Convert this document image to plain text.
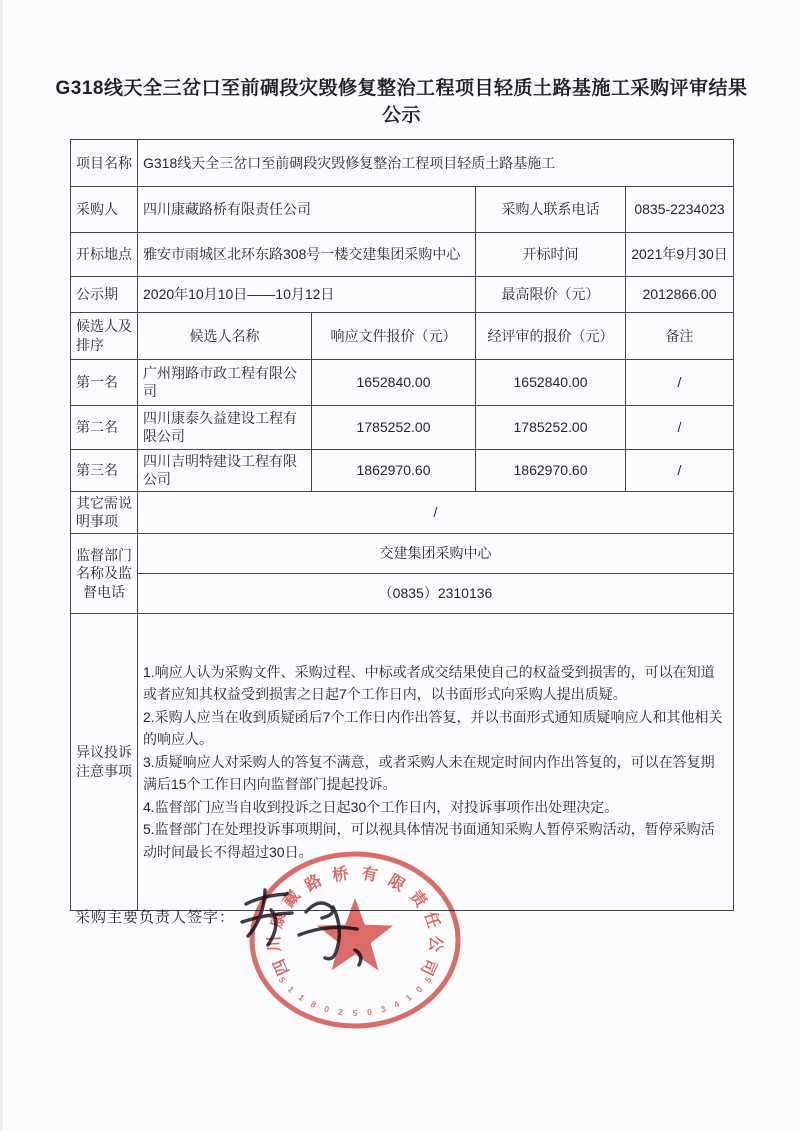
G318线天全三岔口至前碉段灾毁修复整治工程项目轻质土路基施工采购评审结果公示
项目名称	G318线天全三岔口至前碉段灾毁修复整治工程项目轻质土路基施工			
采购人	四川康藏路桥有限责任公司		采购人联系电话	0835-2234023
开标地点	雅安市雨城区北环东路308号一楼交建集团采购中心		开标时间	2021年9月30日
公示期	2020年10月10日——10月12日		最高限价（元）	2012866.00
候选人及排序	候选人名称	响应文件报价（元）	经评审的报价（元）	备注
第一名	广州翔路市政工程有限公司	1652840.00	1652840.00	/
第二名	四川康泰久益建设工程有限公司	1785252.00	1785252.00	/
第三名	四川吉明特建设工程有限公司	1862970.60	1862970.60	/
其它需说明事项	/			
监督部门名称及监督电话	交建集团采购中心			
	（0835）2310136			
异议投诉注意事项	1.响应人认为采购文件、采购过程、中标或者成交结果使自己的权益受到损害的，可以在知道或者应知其权益受到损害之日起7个工作日内，以书面形式向采购人提出质疑。
2.采购人应当在收到质疑函后7个工作日内作出答复，并以书面形式通知质疑响应人和其他相关的响应人。
3.质疑响应人对采购人的答复不满意，或者采购人未在规定时间内作出答复的，可以在答复期满后15个工作日内向监督部门提起投诉。
4.监督部门应当自收到投诉之日起30个工作日内，对投诉事项作出处理决定。
5.监督部门在处理投诉事项期间，可以视具体情况书面通知采购人暂停采购活动，暂停采购活动时间最长不得超过30日。			
采购主要负责人签字：
四
川
康
藏
路 桥 有 限
责
任
公
司
5
1
1
8 0 2 5 0 3 4
1
0
5
